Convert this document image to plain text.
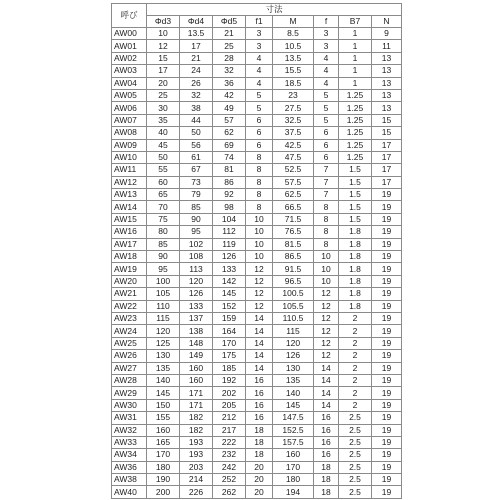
呼び	寸法							
	Φd3	Φd4	Φd5	f1	M	f	B7	N
AW00	10	13.5	21	3	8.5	3	1	9
AW01	12	17	25	3	10.5	3	1	11
AW02	15	21	28	4	13.5	4	1	13
AW03	17	24	32	4	15.5	4	1	13
AW04	20	26	36	4	18.5	4	1	13
AW05	25	32	42	5	23	5	1.25	13
AW06	30	38	49	5	27.5	5	1.25	13
AW07	35	44	57	6	32.5	5	1.25	15
AW08	40	50	62	6	37.5	6	1.25	15
AW09	45	56	69	6	42.5	6	1.25	17
AW10	50	61	74	8	47.5	6	1.25	17
AW11	55	67	81	8	52.5	7	1.5	17
AW12	60	73	86	8	57.5	7	1.5	17
AW13	65	79	92	8	62.5	7	1.5	19
AW14	70	85	98	8	66.5	8	1.5	19
AW15	75	90	104	10	71.5	8	1.5	19
AW16	80	95	112	10	76.5	8	1.8	19
AW17	85	102	119	10	81.5	8	1.8	19
AW18	90	108	126	10	86.5	10	1.8	19
AW19	95	113	133	12	91.5	10	1.8	19
AW20	100	120	142	12	96.5	10	1.8	19
AW21	105	126	145	12	100.5	12	1.8	19
AW22	110	133	152	12	105.5	12	1.8	19
AW23	115	137	159	14	110.5	12	2	19
AW24	120	138	164	14	115	12	2	19
AW25	125	148	170	14	120	12	2	19
AW26	130	149	175	14	126	12	2	19
AW27	135	160	185	14	130	14	2	19
AW28	140	160	192	16	135	14	2	19
AW29	145	171	202	16	140	14	2	19
AW30	150	171	205	16	145	14	2	19
AW31	155	182	212	16	147.5	16	2.5	19
AW32	160	182	217	18	152.5	16	2.5	19
AW33	165	193	222	18	157.5	16	2.5	19
AW34	170	193	232	18	160	16	2.5	19
AW36	180	203	242	20	170	18	2.5	19
AW38	190	214	252	20	180	18	2.5	19
AW40	200	226	262	20	194	18	2.5	19
